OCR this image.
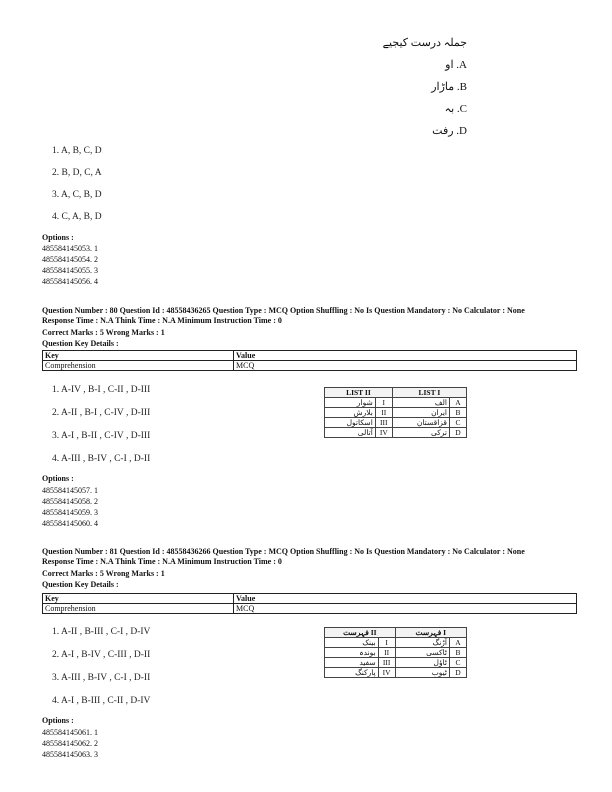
جملہ درست کیجیے
A. او
B. ماڑار
C. بہ
D. رفت
1. A, B, C, D
2. B, D, C, A
3. A, C, B, D
4. C, A, B, D
Options :
485584145053. 1
485584145054. 2
485584145055. 3
485584145056. 4
Question Number : 80 Question Id : 48558436265 Question Type : MCQ Option Shuffling : No Is Question Mandatory : No Calculator : None
Response Time : N.A Think Time : N.A Minimum Instruction Time : 0
Correct Marks : 5 Wrong Marks : 1
Question Key Details :
Key	Value
Comprehension	MCQ
1. A-IV , B-I , C-II , D-III
2. A-II , B-I , C-IV , D-III
3. A-I , B-II , C-IV , D-III
4. A-III , B-IV , C-I , D-II
LIST II		LIST I	
شوار	I	الف	A
بلارش	II	ایران	B
اسکاتول	III	قزاقستان	C
آتالی	IV	ترکی	D
Options :
485584145057. 1
485584145058. 2
485584145059. 3
485584145060. 4
Question Number : 81 Question Id : 48558436266 Question Type : MCQ Option Shuffling : No Is Question Mandatory : No Calculator : None
Response Time : N.A Think Time : N.A Minimum Instruction Time : 0
Correct Marks : 5 Wrong Marks : 1
Question Key Details :
Key	Value
Comprehension	MCQ
1. A-II , B-III , C-I , D-IV
2. A-I , B-IV , C-III , D-II
3. A-III , B-IV , C-I , D-II
4. A-I , B-III , C-II , D-IV
فہرست II		فہرست I	
بینک	I	آڑنگ	A
بوندہ	II	ٹاکسی	B
سفید	III	ٹاؤل	C
پارکنگ	IV	ٹیوب	D
Options :
485584145061. 1
485584145062. 2
485584145063. 3
